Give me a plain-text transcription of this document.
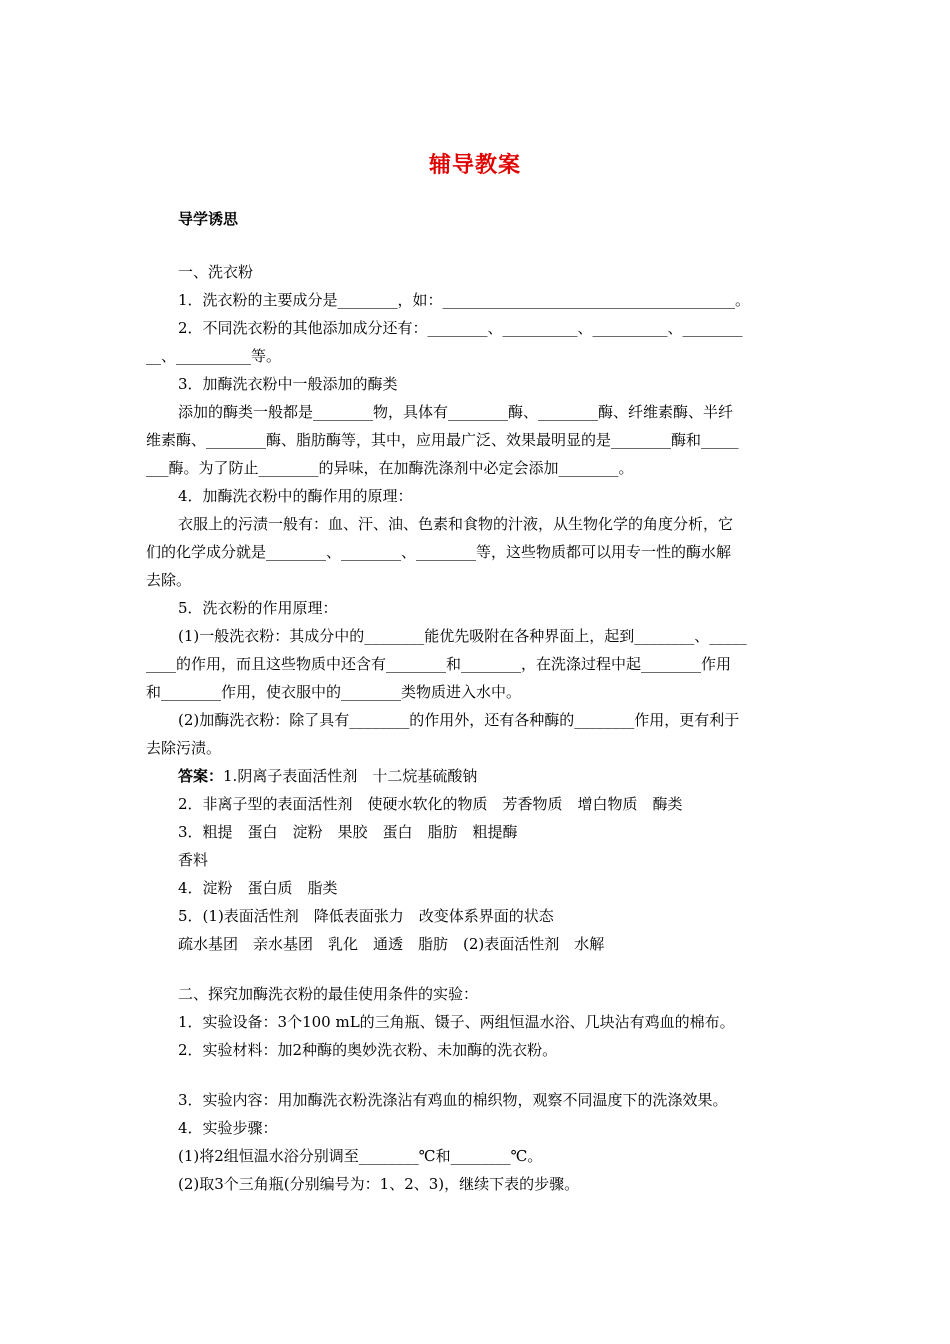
辅导教案
导学诱思
一、洗衣粉
1．洗衣粉的主要成分是________，如：_______________________________________。
2．不同洗衣粉的其他添加成分还有：________、__________、__________、________
__、__________等。
3．加酶洗衣粉中一般添加的酶类
添加的酶类一般都是________物，具体有________酶、________酶、纤维素酶、半纤
维素酶、________酶、脂肪酶等，其中，应用最广泛、效果最明显的是________酶和_____
___酶。为了防止________的异味，在加酶洗涤剂中必定会添加________。
4．加酶洗衣粉中的酶作用的原理：
衣服上的污渍一般有：血、汗、油、色素和食物的汁液，从生物化学的角度分析，它
们的化学成分就是________、________、________等，这些物质都可以用专一性的酶水解
去除。
5．洗衣粉的作用原理：
(1)一般洗衣粉：其成分中的________能优先吸附在各种界面上，起到________、_____
____的作用，而且这些物质中还含有________和________，在洗涤过程中起________作用
和________作用，使衣服中的________类物质进入水中。
(2)加酶洗衣粉：除了具有________的作用外，还有各种酶的________作用，更有利于
去除污渍。
答案：1.阴离子表面活性剂　十二烷基硫酸钠
2．非离子型的表面活性剂　使硬水软化的物质　芳香物质　增白物质　酶类
3．粗提　蛋白　淀粉　果胶　蛋白　脂肪　粗提酶
香料
4．淀粉　蛋白质　脂类
5．(1)表面活性剂　降低表面张力　改变体系界面的状态
疏水基团　亲水基团　乳化　通透　脂肪　(2)表面活性剂　水解
二、探究加酶洗衣粉的最佳使用条件的实验：
1．实验设备：3个100 mL的三角瓶、镊子、两组恒温水浴、几块沾有鸡血的棉布。
2．实验材料：加2种酶的奥妙洗衣粉、未加酶的洗衣粉。
3．实验内容：用加酶洗衣粉洗涤沾有鸡血的棉织物，观察不同温度下的洗涤效果。
4．实验步骤：
(1)将2组恒温水浴分别调至________℃和________℃。
(2)取3个三角瓶(分别编号为：1、2、3)，继续下表的步骤。
